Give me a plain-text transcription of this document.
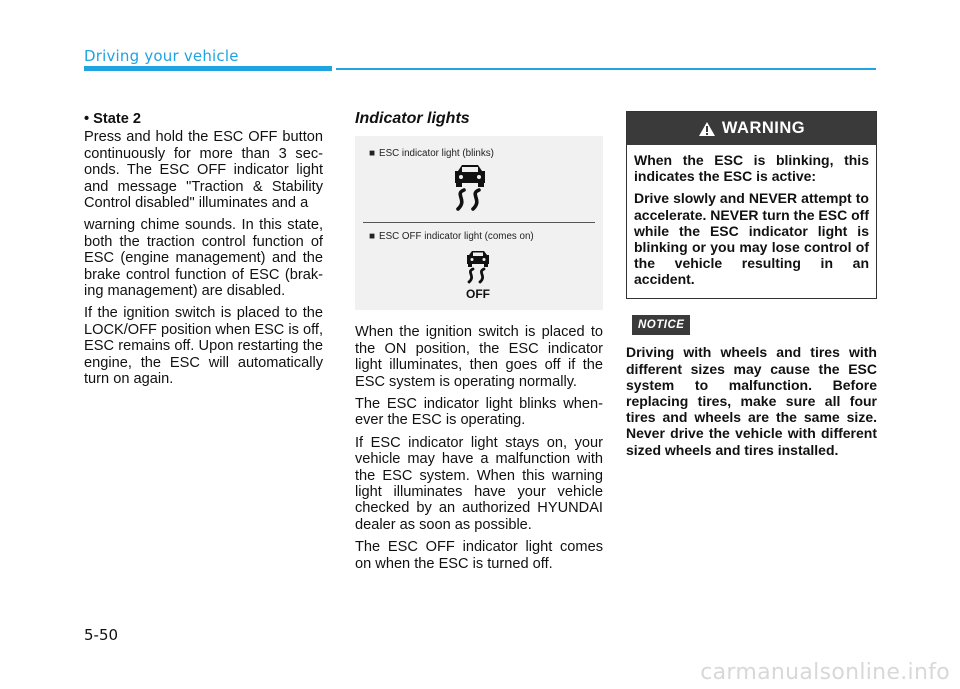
Driving your vehicle

• State 2

Press and hold the ESC OFF button continuously for more than 3 sec-onds. The ESC OFF indicator light and message "Traction & Stability Control disabled" illuminates and a

warning chime sounds. In this state, both the traction control function of ESC (engine management) and the brake control function of ESC (brak-ing management) are disabled.

If the ignition switch is placed to the LOCK/OFF position when ESC is off, ESC remains off. Upon restarting the engine, the ESC will automatically turn on again.

Indicator lights

■ ESC indicator light (blinks)
■ ESC OFF indicator light (comes on)
OFF

When the ignition switch is placed to the ON position, the ESC indicator light illuminates, then goes off if the ESC system is operating normally.

The ESC indicator light blinks when-ever the ESC is operating.

If ESC indicator light stays on, your vehicle may have a malfunction with the ESC system. When this warning light illuminates have your vehicle checked by an authorized HYUNDAI dealer as soon as possible.

The ESC OFF indicator light comes on when the ESC is turned off.

WARNING

When the ESC is blinking, this indicates the ESC is active:

Drive slowly and NEVER attempt to accelerate. NEVER turn the ESC off while the ESC indicator light is blinking or you may lose control of the vehicle resulting in an accident.

NOTICE

Driving with wheels and tires with different sizes may cause the ESC system to malfunction. Before replacing tires, make sure all four tires and wheels are the same size. Never drive the vehicle with different sized wheels and tires installed.

5-50
carmanualsonline.info
